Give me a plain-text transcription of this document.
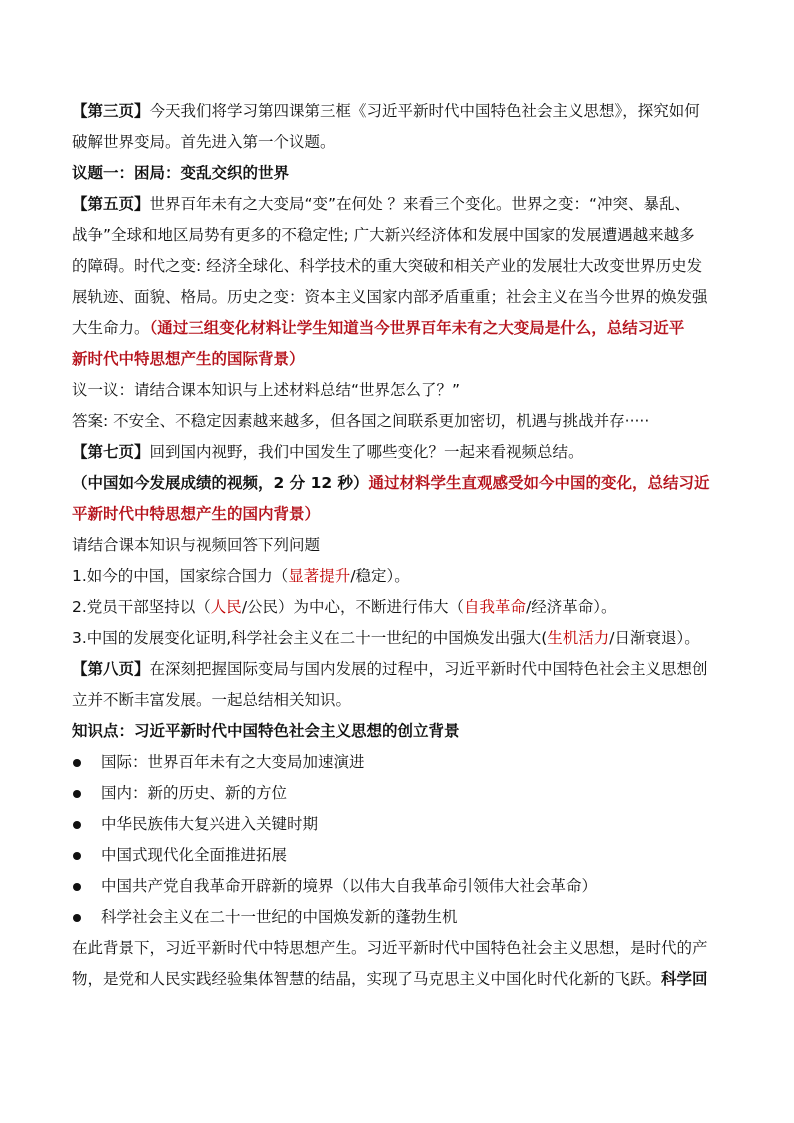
【第三页】今天我们将学习第四课第三框《习近平新时代中国特色社会主义思想》，探究如何

破解世界变局。首先进入第一个议题。

议题一：困局：变乱交织的世界

【第五页】世界百年未有之大变局“变”在何处 ？来看三个变化。世界之变：“冲突、暴乱、

战争”全球和地区局势有更多的不稳定性; 广大新兴经济体和发展中国家的发展遭遇越来越多

的障碍。时代之变: 经济全球化、科学技术的重大突破和相关产业的发展壮大改变世界历史发

展轨迹、面貌、格局。历史之变：资本主义国家内部矛盾重重；社会主义在当今世界的焕发强

大生命力。（通过三组变化材料让学生知道当今世界百年未有之大变局是什么，总结习近平

新时代中特思想产生的国际背景）

议一议：请结合课本知识与上述材料总结“世界怎么了？”

答案: 不安全、不稳定因素越来越多，但各国之间联系更加密切，机遇与挑战并存·····

【第七页】回到国内视野，我们中国发生了哪些变化？一起来看视频总结。

（中国如今发展成绩的视频，2 分 12 秒）通过材料学生直观感受如今中国的变化，总结习近

平新时代中特思想产生的国内背景）

请结合课本知识与视频回答下列问题

1.如今的中国，国家综合国力（显著提升/稳定）。

2.党员干部坚持以（人民/公民）为中心，不断进行伟大（自我革命/经济革命）。

3.中国的发展变化证明,科学社会主义在二十一世纪的中国焕发出强大(生机活力/日渐衰退）。

【第八页】在深刻把握国际变局与国内发展的过程中，习近平新时代中国特色社会主义思想创

立并不断丰富发展。一起总结相关知识。

知识点：习近平新时代中国特色社会主义思想的创立背景

国际：世界百年未有之大变局加速演进
国内：新的历史、新的方位
中华民族伟大复兴进入关键时期
中国式现代化全面推进拓展
中国共产党自我革命开辟新的境界（以伟大自我革命引领伟大社会革命）
科学社会主义在二十一世纪的中国焕发新的蓬勃生机

在此背景下，习近平新时代中特思想产生。习近平新时代中国特色社会主义思想，是时代的产

物，是党和人民实践经验集体智慧的结晶，实现了马克思主义中国化时代化新的飞跃。科学回
